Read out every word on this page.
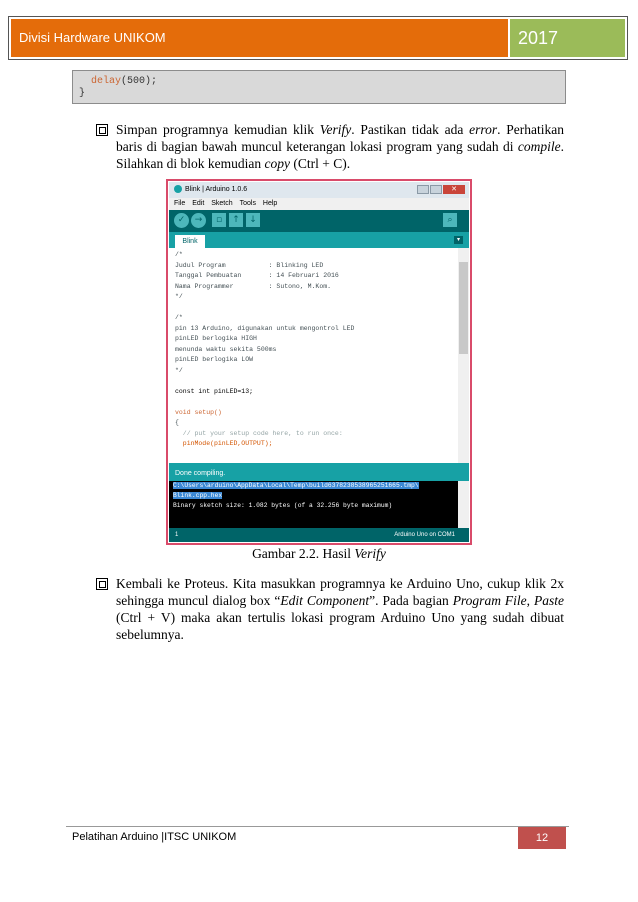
Divisi Hardware UNIKOM	2017
delay(500);
}
Simpan programnya kemudian klik Verify. Pastikan tidak ada error. Perhatikan baris di bagian bawah muncul keterangan lokasi program yang sudah di compile. Silahkan di blok kemudian copy (Ctrl + C).
Blink | Arduino 1.0.6	✕
File Edit Sketch Tools Help
✓	→	▫	↑	↓	⌕
▾
Blink
/*
Judul Program           : Blinking LED
Tanggal Pembuatan       : 14 Februari 2016
Nama Programmer         : Sutono, M.Kom.
*/

/*
pin 13 Arduino, digunakan untuk mengontrol LED
pinLED berlogika HIGH
menunda waktu sekita 500ms
pinLED berlogika LOW
*/

const int pinLED=13;

void setup()
{
// put your setup code here, to run once:
pinMode(pinLED,OUTPUT);
Done compiling.
C:\Users\arduino\AppData\Local\Temp\build6378238538965251665.tmp\
Blink.cpp.hex
Binary sketch size: 1.082 bytes (of a 32.256 byte maximum)
1	Arduino Uno on COM1
Gambar 2.2. Hasil Verify
Kembali ke Proteus. Kita masukkan programnya ke Arduino Uno, cukup klik 2x sehingga muncul dialog box “Edit Component”. Pada bagian Program File, Paste (Ctrl + V) maka akan tertulis lokasi program Arduino Uno yang sudah dibuat sebelumnya.
Pelatihan Arduino |ITSC UNIKOM	12
